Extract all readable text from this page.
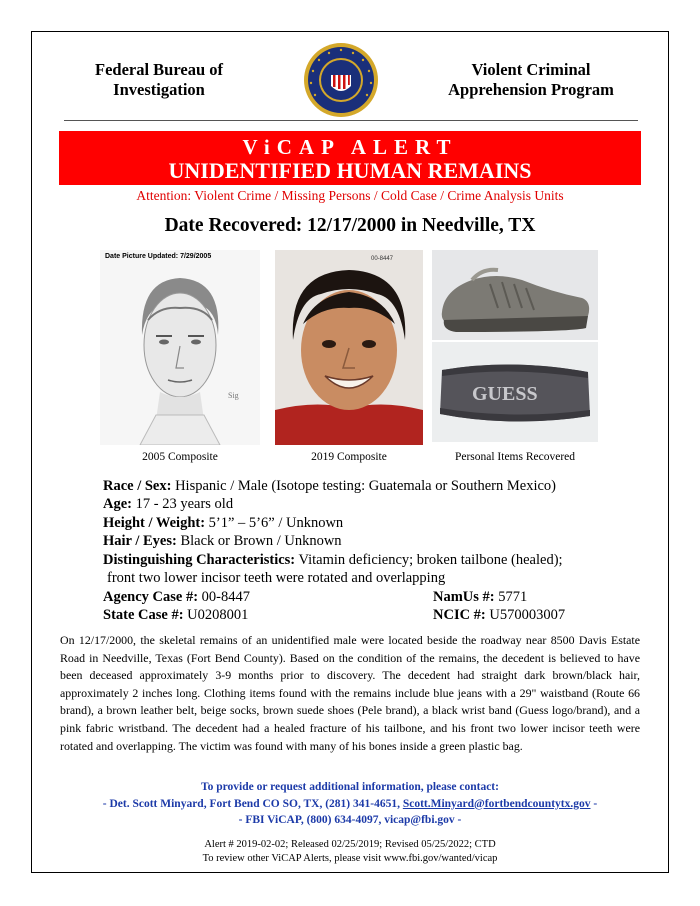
Federal Bureau of
Investigation
Violent Criminal
Apprehension Program
ViCAP ALERT
UNIDENTIFIED HUMAN REMAINS
Attention: Violent Crime / Missing Persons / Cold Case / Crime Analysis Units
Date Recovered: 12/17/2000 in Needville, TX
Sig
Date Picture Updated: 7/29/2005	00-8447
GUESS
2005 Composite	2019 Composite	Personal Items Recovered
Race / Sex: Hispanic / Male (Isotope testing: Guatemala or Southern Mexico)
Age: 17 - 23 years old
Height / Weight: 5’1” – 5’6” / Unknown
Hair / Eyes: Black or Brown / Unknown
Distinguishing Characteristics: Vitamin deficiency; broken tailbone (healed);
front two lower incisor teeth were rotated and overlapping
Agency Case #: 00-8447	NamUs #: 5771
State Case #: U0208001	NCIC #: U570003007
On 12/17/2000, the skeletal remains of an unidentified male were located beside the roadway near 8500 Davis Estate Road in Needville, Texas (Fort Bend County). Based on the condition of the remains, the decedent is believed to have been deceased approximately 3-9 months prior to discovery. The decedent had straight dark brown/black hair, approximately 2 inches long. Clothing items found with the remains include blue jeans with a 29" waistband (Route 66 brand), a brown leather belt, beige socks, brown suede shoes (Pele brand), a black wrist band (Guess logo/brand), and a pink fabric wristband. The decedent had a healed fracture of his tailbone, and his front two lower incisor teeth were rotated and overlapping. The victim was found with many of his bones inside a green plastic bag.
To provide or request additional information, please contact:
- Det. Scott Minyard, Fort Bend CO SO, TX, (281) 341-4651, Scott.Minyard@fortbendcountytx.gov -
- FBI ViCAP, (800) 634-4097, vicap@fbi.gov -
Alert # 2019-02-02; Released 02/25/2019; Revised 05/25/2022; CTD
To review other ViCAP Alerts, please visit www.fbi.gov/wanted/vicap
